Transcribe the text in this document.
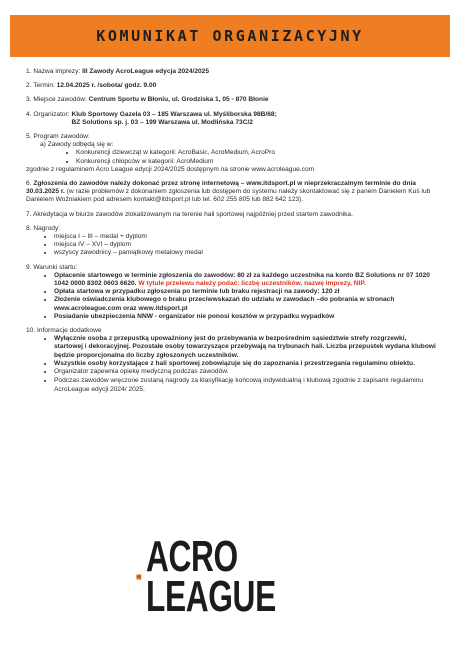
KOMUNIKAT ORGANIZACYJNY
1. Nazwa imprezy: III Zawody AcroLeague edycja 2024/2025
2. Termin: 12.04.2025 r. /sobota/ godz. 9.00
3. Miejsce zawodów: Centrum Sportu w Błoniu, ul. Grodziska 1, 05 - 870 Błonie
4. Organizator: Klub Sportowy Gazela 03 – 185 Warszawa ul. Myśliborska 98B/68;
BZ Solutions sp. j. 03 – 199 Warszawa ul. Modlińska 73C/2
5. Program zawodów:
a) Zawody odbędą się w:
• Konkurencji dziewcząt w kategorii: AcroBasic, AcroMedium, AcroPro
• Konkurencji chłopców w kategorii: AcroMedium
zgodnie z regulaminem Acro League edycji 2024/2025 dostępnym na stronie www.acroleague.com
6. Zgłoszenia do zawodów należy dokonać przez stronę internetową – www.itdsport.pl w nieprzekraczalnym terminie do dnia 30.03.2025 r. (w razie problemów z dokonaniem zgłoszenia lub dostępem do systemu należy skontaktować się z panem Danielem Kuś lub Danielem Woźniakiem pod adresem kontakt@itdsport.pl lub tel. 602 255 805 lub 882 642 123).
7. Akredytacja w biurze zawodów zlokalizowanym na terenie hali sportowej najpóźniej przed startem zawodnika.
8. Nagrody:
• miejsca I – III – medal + dyplom
• miejsca IV – XVI – dyplom
• wszyscy zawodnicy – pamiątkowy metalowy medal
9. Warunki startu:
• Opłacenie startowego w terminie zgłoszenia do zawodów: 80 zł za każdego uczestnika na konto BZ Solutions nr 07 1020 1042 0000 8302 0603 6620. W tytule przelewu należy podać: liczbę uczestników, nazwę imprezy, NIP.
• Opłata startowa w przypadku zgłoszenia po terminie lub braku rejestracji na zawody: 120 zł
• Złożenie oświadczenia klubowego o braku przeciwwskazań do udziału w zawodach –do pobrania w stronach www.acroleague.com oraz www.itdsport.pl
• Posiadanie ubezpieczenia NNW - organizator nie ponosi kosztów w przypadku wypadków
10. Informacje dodatkowe
• Wyłącznie osoba z przepustką upoważniony jest do przebywania w bezpośrednim sąsiedztwie strefy rozgrzewki, startowej i dekoracyjnej. Pozostałe osoby towarzyszące przebywają na trybunach hali. Liczba przepustek wydana klubowi będzie proporcjonalna do liczby zgłoszonych uczestników.
• Wszystkie osoby korzystające z hali sportowej zobowiązuje się do zapoznania i przestrzegania regulaminu obiektu.
• Organizator zapewnia opiekę medyczną podczas zawodów.
• Podczas zawodów wręczone zostaną nagrody za klasyfikację końcową indywidualną i klubową zgodnie z zapisami regulaminu AcroLeague edycji 2024/ 2025.
ACRO
LEAGUE
